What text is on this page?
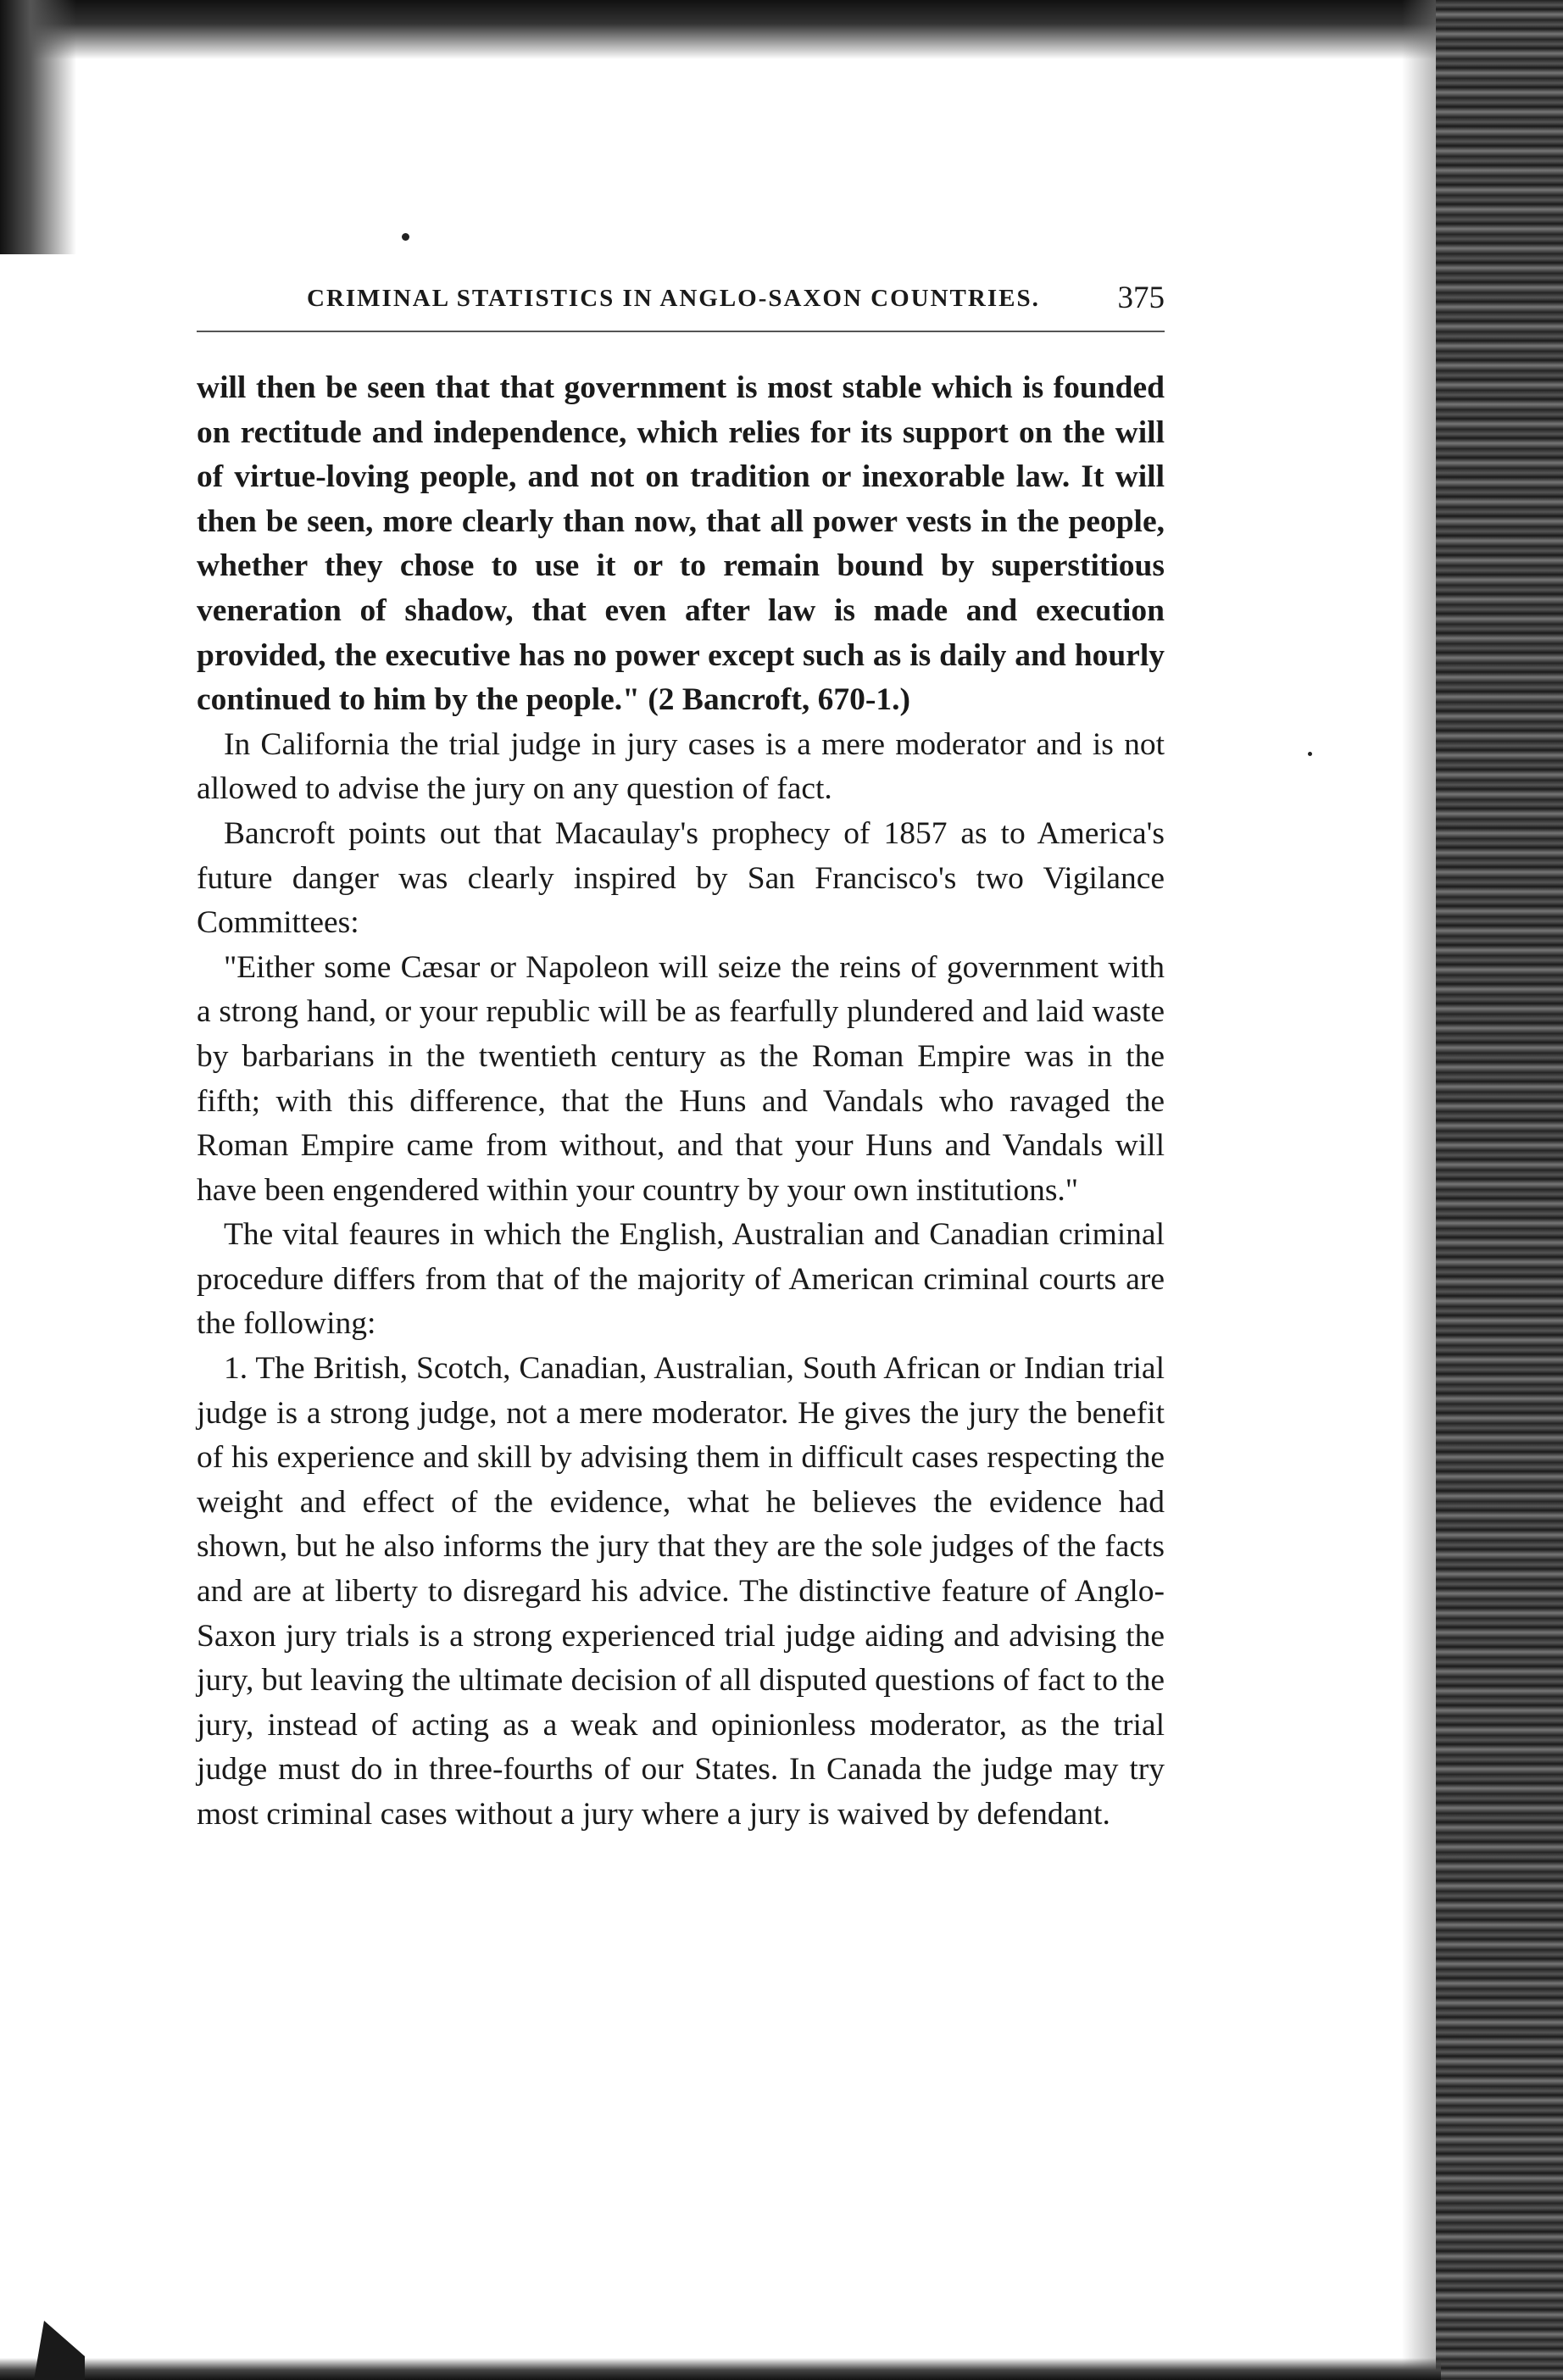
CRIMINAL STATISTICS IN ANGLO-SAXON COUNTRIES. 375

will then be seen that that government is most stable which is founded on rectitude and independence, which relies for its support on the will of virtue-loving people, and not on tradition or inexorable law. It will then be seen, more clearly than now, that all power vests in the people, whether they chose to use it or to remain bound by superstitious veneration of shadow, that even after law is made and execution provided, the executive has no power except such as is daily and hourly continued to him by the people." (2 Bancroft, 670-1.)

In California the trial judge in jury cases is a mere moderator and is not allowed to advise the jury on any question of fact.

Bancroft points out that Macaulay's prophecy of 1857 as to America's future danger was clearly inspired by San Francisco's two Vigilance Committees:

"Either some Cæsar or Napoleon will seize the reins of government with a strong hand, or your republic will be as fearfully plundered and laid waste by barbarians in the twentieth century as the Roman Empire was in the fifth; with this difference, that the Huns and Vandals who ravaged the Roman Empire came from without, and that your Huns and Vandals will have been engendered within your country by your own institutions."

The vital feaures in which the English, Australian and Canadian criminal procedure differs from that of the majority of American criminal courts are the following:

1. The British, Scotch, Canadian, Australian, South African or Indian trial judge is a strong judge, not a mere moderator. He gives the jury the benefit of his experience and skill by advising them in difficult cases respecting the weight and effect of the evidence, what he believes the evidence had shown, but he also informs the jury that they are the sole judges of the facts and are at liberty to disregard his advice. The distinctive feature of Anglo-Saxon jury trials is a strong experienced trial judge aiding and advising the jury, but leaving the ultimate decision of all disputed questions of fact to the jury, instead of acting as a weak and opinionless moderator, as the trial judge must do in three-fourths of our States. In Canada the judge may try most criminal cases without a jury where a jury is waived by defendant.
